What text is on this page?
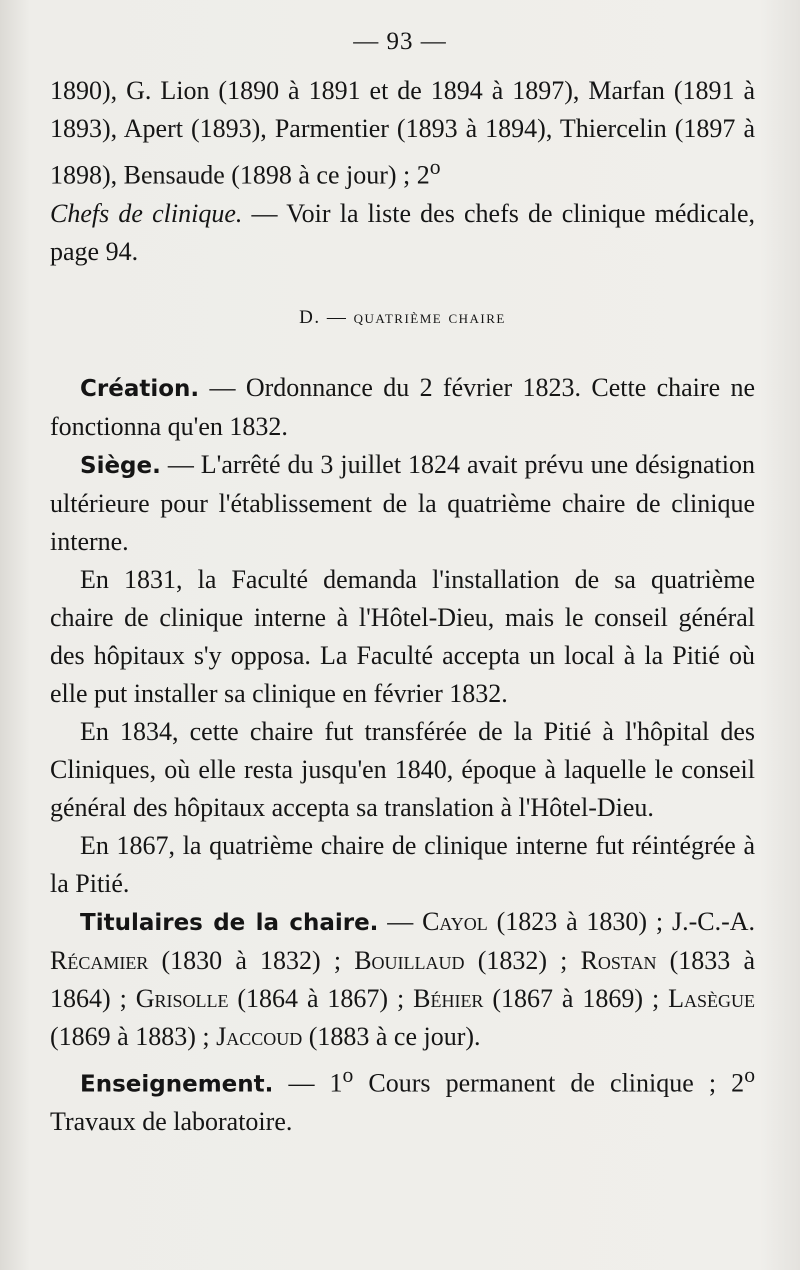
— 93 —

1890), G. Lion (1890 à 1891 et de 1894 à 1897), Marfan (1891 à 1893), Apert (1893), Parmentier (1893 à 1894), Thiercelin (1897 à 1898), Bensaude (1898 à ce jour) ; 2$^o$
Chefs de clinique. — Voir la liste des chefs de clinique médicale, page 94.

D. — quatrième chaire

Création. — Ordonnance du 2 février 1823. Cette chaire ne fonctionna qu'en 1832.

Siège. — L'arrêté du 3 juillet 1824 avait prévu une désignation ultérieure pour l'établissement de la quatrième chaire de clinique interne.

En 1831, la Faculté demanda l'installation de sa quatrième chaire de clinique interne à l'Hôtel-Dieu, mais le conseil général des hôpitaux s'y opposa. La Faculté accepta un local à la Pitié où elle put installer sa clinique en février 1832.

En 1834, cette chaire fut transférée de la Pitié à l'hôpital des Cliniques, où elle resta jusqu'en 1840, époque à laquelle le conseil général des hôpitaux accepta sa translation à l'Hôtel-Dieu.

En 1867, la quatrième chaire de clinique interne fut réintégrée à la Pitié.

Titulaires de la chaire. — Cayol (1823 à 1830) ; J.-C.-A. Récamier (1830 à 1832) ; Bouillaud (1832) ; Rostan (1833 à 1864) ; Grisolle (1864 à 1867) ; Béhier (1867 à 1869) ; Lasègue (1869 à 1883) ; Jaccoud (1883 à ce jour).

Enseignement. — 1$^o$ Cours permanent de clinique ; 2$^o$ Travaux de laboratoire.
